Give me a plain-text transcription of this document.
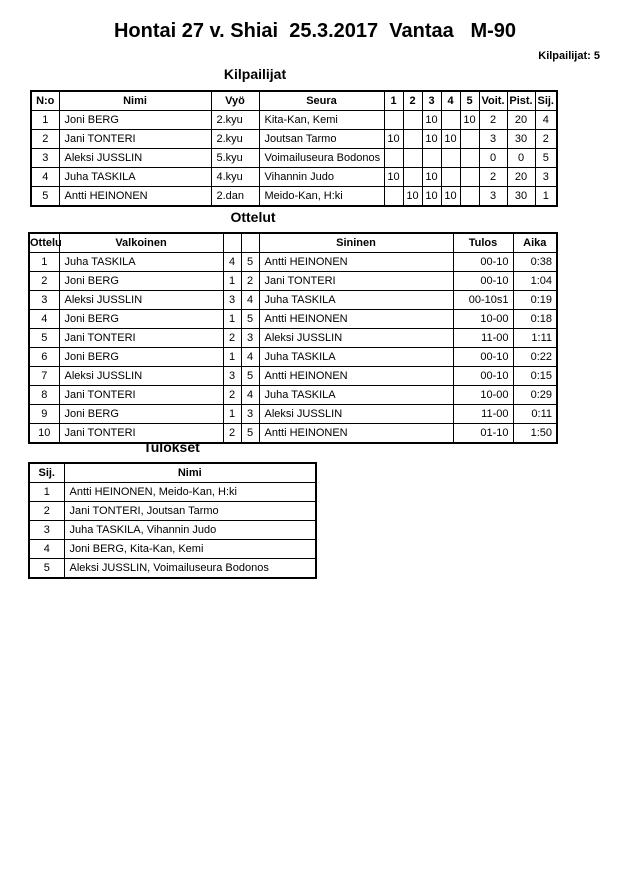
Hontai 27 v. Shiai  25.3.2017  Vantaa   M-90
Kilpailijat: 5
Kilpailijat
N:o	Nimi	Vyö	Seura	1	2	3	4	5	Voit.	Pist.	Sij.
1	Joni BERG	2.kyu	Kita-Kan, Kemi			10		10	2	20	4
2	Jani TONTERI	2.kyu	Joutsan Tarmo	10		10	10		3	30	2
3	Aleksi JUSSLIN	5.kyu	Voimailuseura Bodonos						0	0	5
4	Juha TASKILA	4.kyu	Vihannin Judo	10		10			2	20	3
5	Antti HEINONEN	2.dan	Meido-Kan, H:ki		10	10	10		3	30	1
Ottelut
Ottelu	Valkoinen			Sininen	Tulos	Aika
1	Juha TASKILA	4	5	Antti HEINONEN	00-10	0:38
2	Joni BERG	1	2	Jani TONTERI	00-10	1:04
3	Aleksi JUSSLIN	3	4	Juha TASKILA	00-10s1	0:19
4	Joni BERG	1	5	Antti HEINONEN	10-00	0:18
5	Jani TONTERI	2	3	Aleksi JUSSLIN	11-00	1:11
6	Joni BERG	1	4	Juha TASKILA	00-10	0:22
7	Aleksi JUSSLIN	3	5	Antti HEINONEN	00-10	0:15
8	Jani TONTERI	2	4	Juha TASKILA	10-00	0:29
9	Joni BERG	1	3	Aleksi JUSSLIN	11-00	0:11
10	Jani TONTERI	2	5	Antti HEINONEN	01-10	1:50
Tulokset
Sij.	Nimi
1	Antti HEINONEN, Meido-Kan, H:ki
2	Jani TONTERI, Joutsan Tarmo
3	Juha TASKILA, Vihannin Judo
4	Joni BERG, Kita-Kan, Kemi
5	Aleksi JUSSLIN, Voimailuseura Bodonos
